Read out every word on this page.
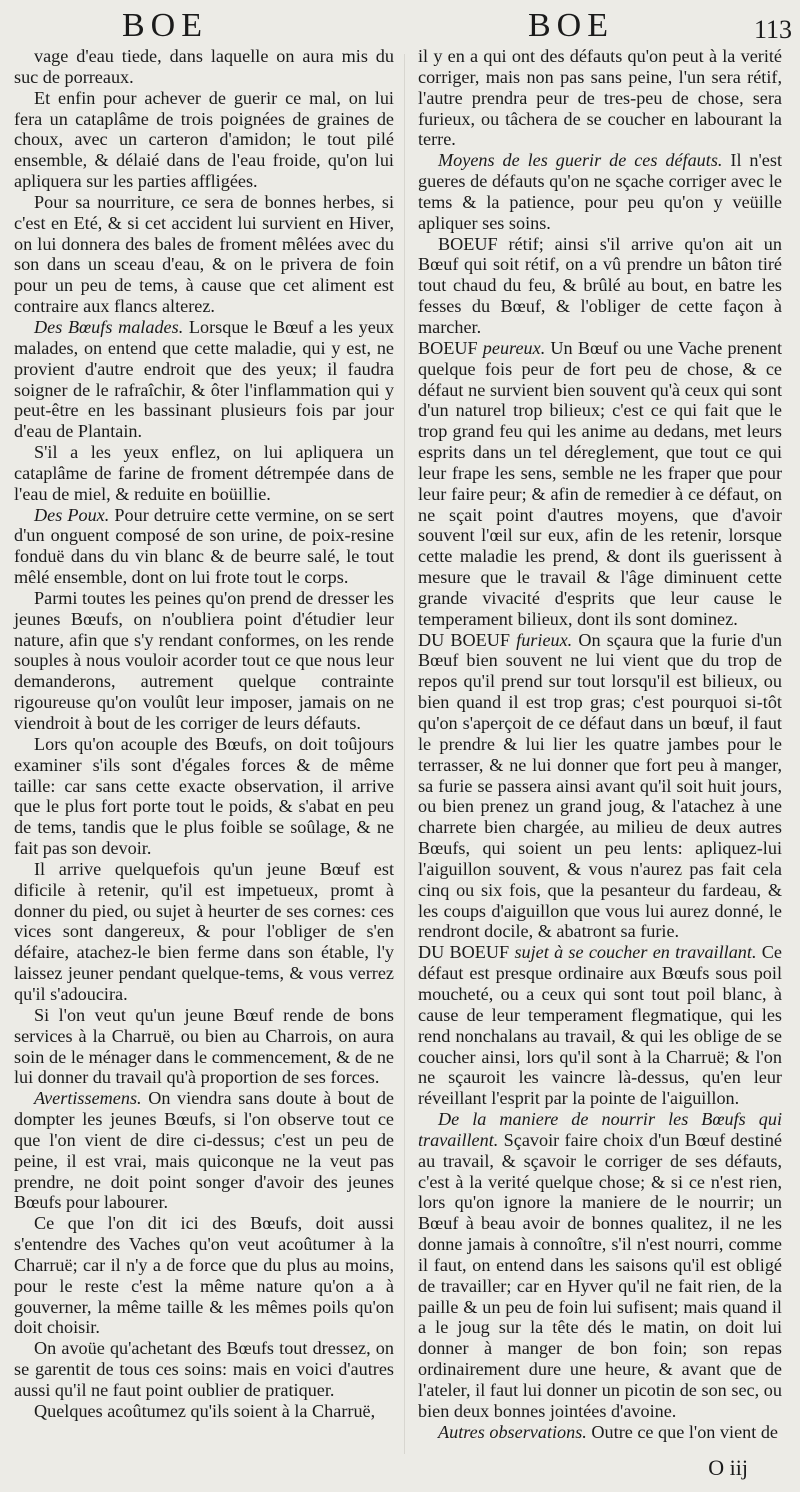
BOE	BOE	113

vage d'eau tiede, dans laquelle on aura mis du suc de porreaux.

Et enfin pour achever de guerir ce mal, on lui fera un cataplâme de trois poignées de graines de choux, avec un carteron d'amidon; le tout pilé ensemble, & délaié dans de l'eau froide, qu'on lui apliquera sur les parties affligées.

Pour sa nourriture, ce sera de bonnes herbes, si c'est en Eté, & si cet accident lui survient en Hiver, on lui donnera des bales de froment mêlées avec du son dans un sceau d'eau, & on le privera de foin pour un peu de tems, à cause que cet aliment est contraire aux flancs alterez.

Des Bœufs malades. Lorsque le Bœuf a les yeux malades, on entend que cette maladie, qui y est, ne provient d'autre endroit que des yeux; il faudra soigner de le rafraîchir, & ôter l'inflammation qui y peut-être en les bassinant plusieurs fois par jour d'eau de Plantain.

S'il a les yeux enflez, on lui apliquera un cataplâme de farine de froment détrempée dans de l'eau de miel, & reduite en boüillie.

Des Poux. Pour detruire cette vermine, on se sert d'un onguent composé de son urine, de poix-resine fonduë dans du vin blanc & de beurre salé, le tout mêlé ensemble, dont on lui frote tout le corps.

Parmi toutes les peines qu'on prend de dresser les jeunes Bœufs, on n'oubliera point d'étudier leur nature, afin que s'y rendant conformes, on les rende souples à nous vouloir acorder tout ce que nous leur demanderons, autrement quelque contrainte rigoureuse qu'on voulût leur imposer, jamais on ne viendroit à bout de les corriger de leurs défauts.

Lors qu'on acouple des Bœufs, on doit toûjours examiner s'ils sont d'égales forces & de même taille: car sans cette exacte observation, il arrive que le plus fort porte tout le poids, & s'abat en peu de tems, tandis que le plus foible se soûlage, & ne fait pas son devoir.

Il arrive quelquefois qu'un jeune Bœuf est dificile à retenir, qu'il est impetueux, promt à donner du pied, ou sujet à heurter de ses cornes: ces vices sont dangereux, & pour l'obliger de s'en défaire, atachez-le bien ferme dans son étable, l'y laissez jeuner pendant quelque-tems, & vous verrez qu'il s'adoucira.

Si l'on veut qu'un jeune Bœuf rende de bons services à la Charruë, ou bien au Charrois, on aura soin de le ménager dans le commencement, & de ne lui donner du travail qu'à proportion de ses forces.

Avertissemens. On viendra sans doute à bout de dompter les jeunes Bœufs, si l'on observe tout ce que l'on vient de dire ci-dessus; c'est un peu de peine, il est vrai, mais quiconque ne la veut pas prendre, ne doit point songer d'avoir des jeunes Bœufs pour labourer.

Ce que l'on dit ici des Bœufs, doit aussi s'entendre des Vaches qu'on veut acoûtumer à la Charruë; car il n'y a de force que du plus au moins, pour le reste c'est la même nature qu'on a à gouverner, la même taille & les mêmes poils qu'on doit choisir.

On avoüe qu'achetant des Bœufs tout dressez, on se garentit de tous ces soins: mais en voici d'autres aussi qu'il ne faut point oublier de pratiquer.

Quelques acoûtumez qu'ils soient à la Charruë,

il y en a qui ont des défauts qu'on peut à la verité corriger, mais non pas sans peine, l'un sera rétif, l'autre prendra peur de tres-peu de chose, sera furieux, ou tâchera de se coucher en labourant la terre.

Moyens de les guerir de ces défauts. Il n'est gueres de défauts qu'on ne sçache corriger avec le tems & la patience, pour peu qu'on y veüille apliquer ses soins.

BOEUF rétif; ainsi s'il arrive qu'on ait un Bœuf qui soit rétif, on a vû prendre un bâton tiré tout chaud du feu, & brûlé au bout, en batre les fesses du Bœuf, & l'obliger de cette façon à marcher.

BOEUF peureux. Un Bœuf ou une Vache prenent quelque fois peur de fort peu de chose, & ce défaut ne survient bien souvent qu'à ceux qui sont d'un naturel trop bilieux; c'est ce qui fait que le trop grand feu qui les anime au dedans, met leurs esprits dans un tel déreglement, que tout ce qui leur frape les sens, semble ne les fraper que pour leur faire peur; & afin de remedier à ce défaut, on ne sçait point d'autres moyens, que d'avoir souvent l'œil sur eux, afin de les retenir, lorsque cette maladie les prend, & dont ils guerissent à mesure que le travail & l'âge diminuent cette grande vivacité d'esprits que leur cause le temperament bilieux, dont ils sont dominez.

DU BOEUF furieux. On sçaura que la furie d'un Bœuf bien souvent ne lui vient que du trop de repos qu'il prend sur tout lorsqu'il est bilieux, ou bien quand il est trop gras; c'est pourquoi si-tôt qu'on s'aperçoit de ce défaut dans un bœuf, il faut le prendre & lui lier les quatre jambes pour le terrasser, & ne lui donner que fort peu à manger, sa furie se passera ainsi avant qu'il soit huit jours, ou bien prenez un grand joug, & l'atachez à une charrete bien chargée, au milieu de deux autres Bœufs, qui soient un peu lents: apliquez-lui l'aiguillon souvent, & vous n'aurez pas fait cela cinq ou six fois, que la pesanteur du fardeau, & les coups d'aiguillon que vous lui aurez donné, le rendront docile, & abatront sa furie.

DU BOEUF sujet à se coucher en travaillant. Ce défaut est presque ordinaire aux Bœufs sous poil moucheté, ou a ceux qui sont tout poil blanc, à cause de leur temperament flegmatique, qui les rend nonchalans au travail, & qui les oblige de se coucher ainsi, lors qu'il sont à la Charruë; & l'on ne sçauroit les vaincre là-dessus, qu'en leur réveillant l'esprit par la pointe de l'aiguillon.

De la maniere de nourrir les Bœufs qui travaillent. Sçavoir faire choix d'un Bœuf destiné au travail, & sçavoir le corriger de ses défauts, c'est à la verité quelque chose; & si ce n'est rien, lors qu'on ignore la maniere de le nourrir; un Bœuf à beau avoir de bonnes qualitez, il ne les donne jamais à connoître, s'il n'est nourri, comme il faut, on entend dans les saisons qu'il est obligé de travailler; car en Hyver qu'il ne fait rien, de la paille & un peu de foin lui sufisent; mais quand il a le joug sur la tête dés le matin, on doit lui donner à manger de bon foin; son repas ordinairement dure une heure, & avant que de l'ateler, il faut lui donner un picotin de son sec, ou bien deux bonnes jointées d'avoine.

Autres observations. Outre ce que l'on vient de

O iij
